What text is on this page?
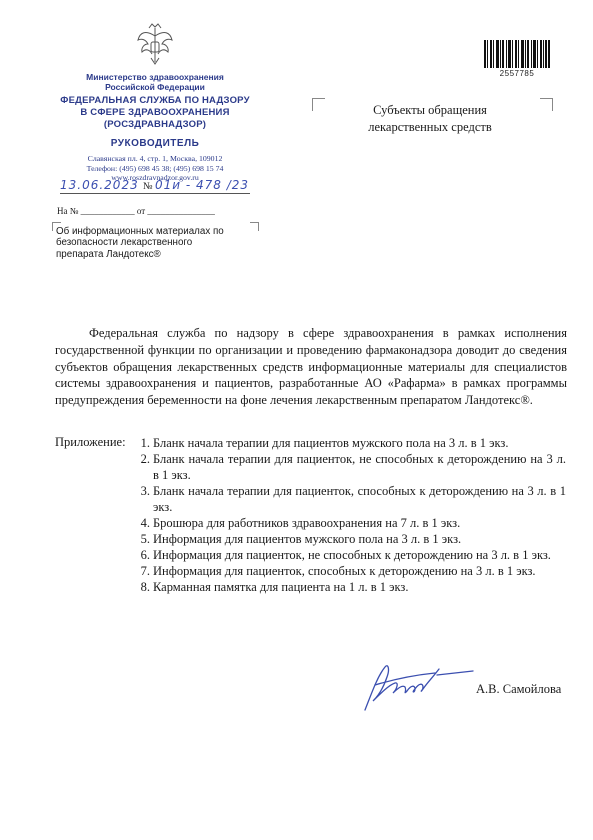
2557785
Министерство здравоохранения
Российской Федерации
ФЕДЕРАЛЬНАЯ СЛУЖБА ПО НАДЗОРУ
В СФЕРЕ ЗДРАВООХРАНЕНИЯ
(РОСЗДРАВНАДЗОР)
РУКОВОДИТЕЛЬ
Славянская пл. 4, стр. 1, Москва, 109012
Телефон: (495) 698 45 38; (495) 698 15 74
www.roszdravnadzor.gov.ru
13.06.2023 № 01и - 478 /23
На № ____________ от _______________
Об информационных материалах по
безопасности лекарственного
препарата Ландотекс®
Субъекты обращения
лекарственных средств
Федеральная служба по надзору в сфере здравоохранения в рамках исполнения государственной функции по организации и проведению фармаконадзора доводит до сведения субъектов обращения лекарственных средств информационные материалы для специалистов системы здравоохранения и пациентов, разработанные АО «Рафарма» в рамках программы предупреждения беременности на фоне лечения лекарственным препаратом Ландотекс®.
Приложение:	1. Бланк начала терапии для пациентов мужского пола на 3 л. в 1 экз.
2. Бланк начала терапии для пациенток, не способных к деторождению на 3 л. в 1 экз.
3. Бланк начала терапии для пациенток, способных к деторождению на 3 л. в 1 экз.
4. Брошюра для работников здравоохранения на 7 л. в 1 экз.
5. Информация для пациентов мужского пола на 3 л. в 1 экз.
6. Информация для пациенток, не способных к деторождению на 3 л. в 1 экз.
7. Информация для пациенток, способных к деторождению на 3 л. в 1 экз.
8. Карманная памятка для пациента на 1 л. в 1 экз.
А.В. Самойлова
